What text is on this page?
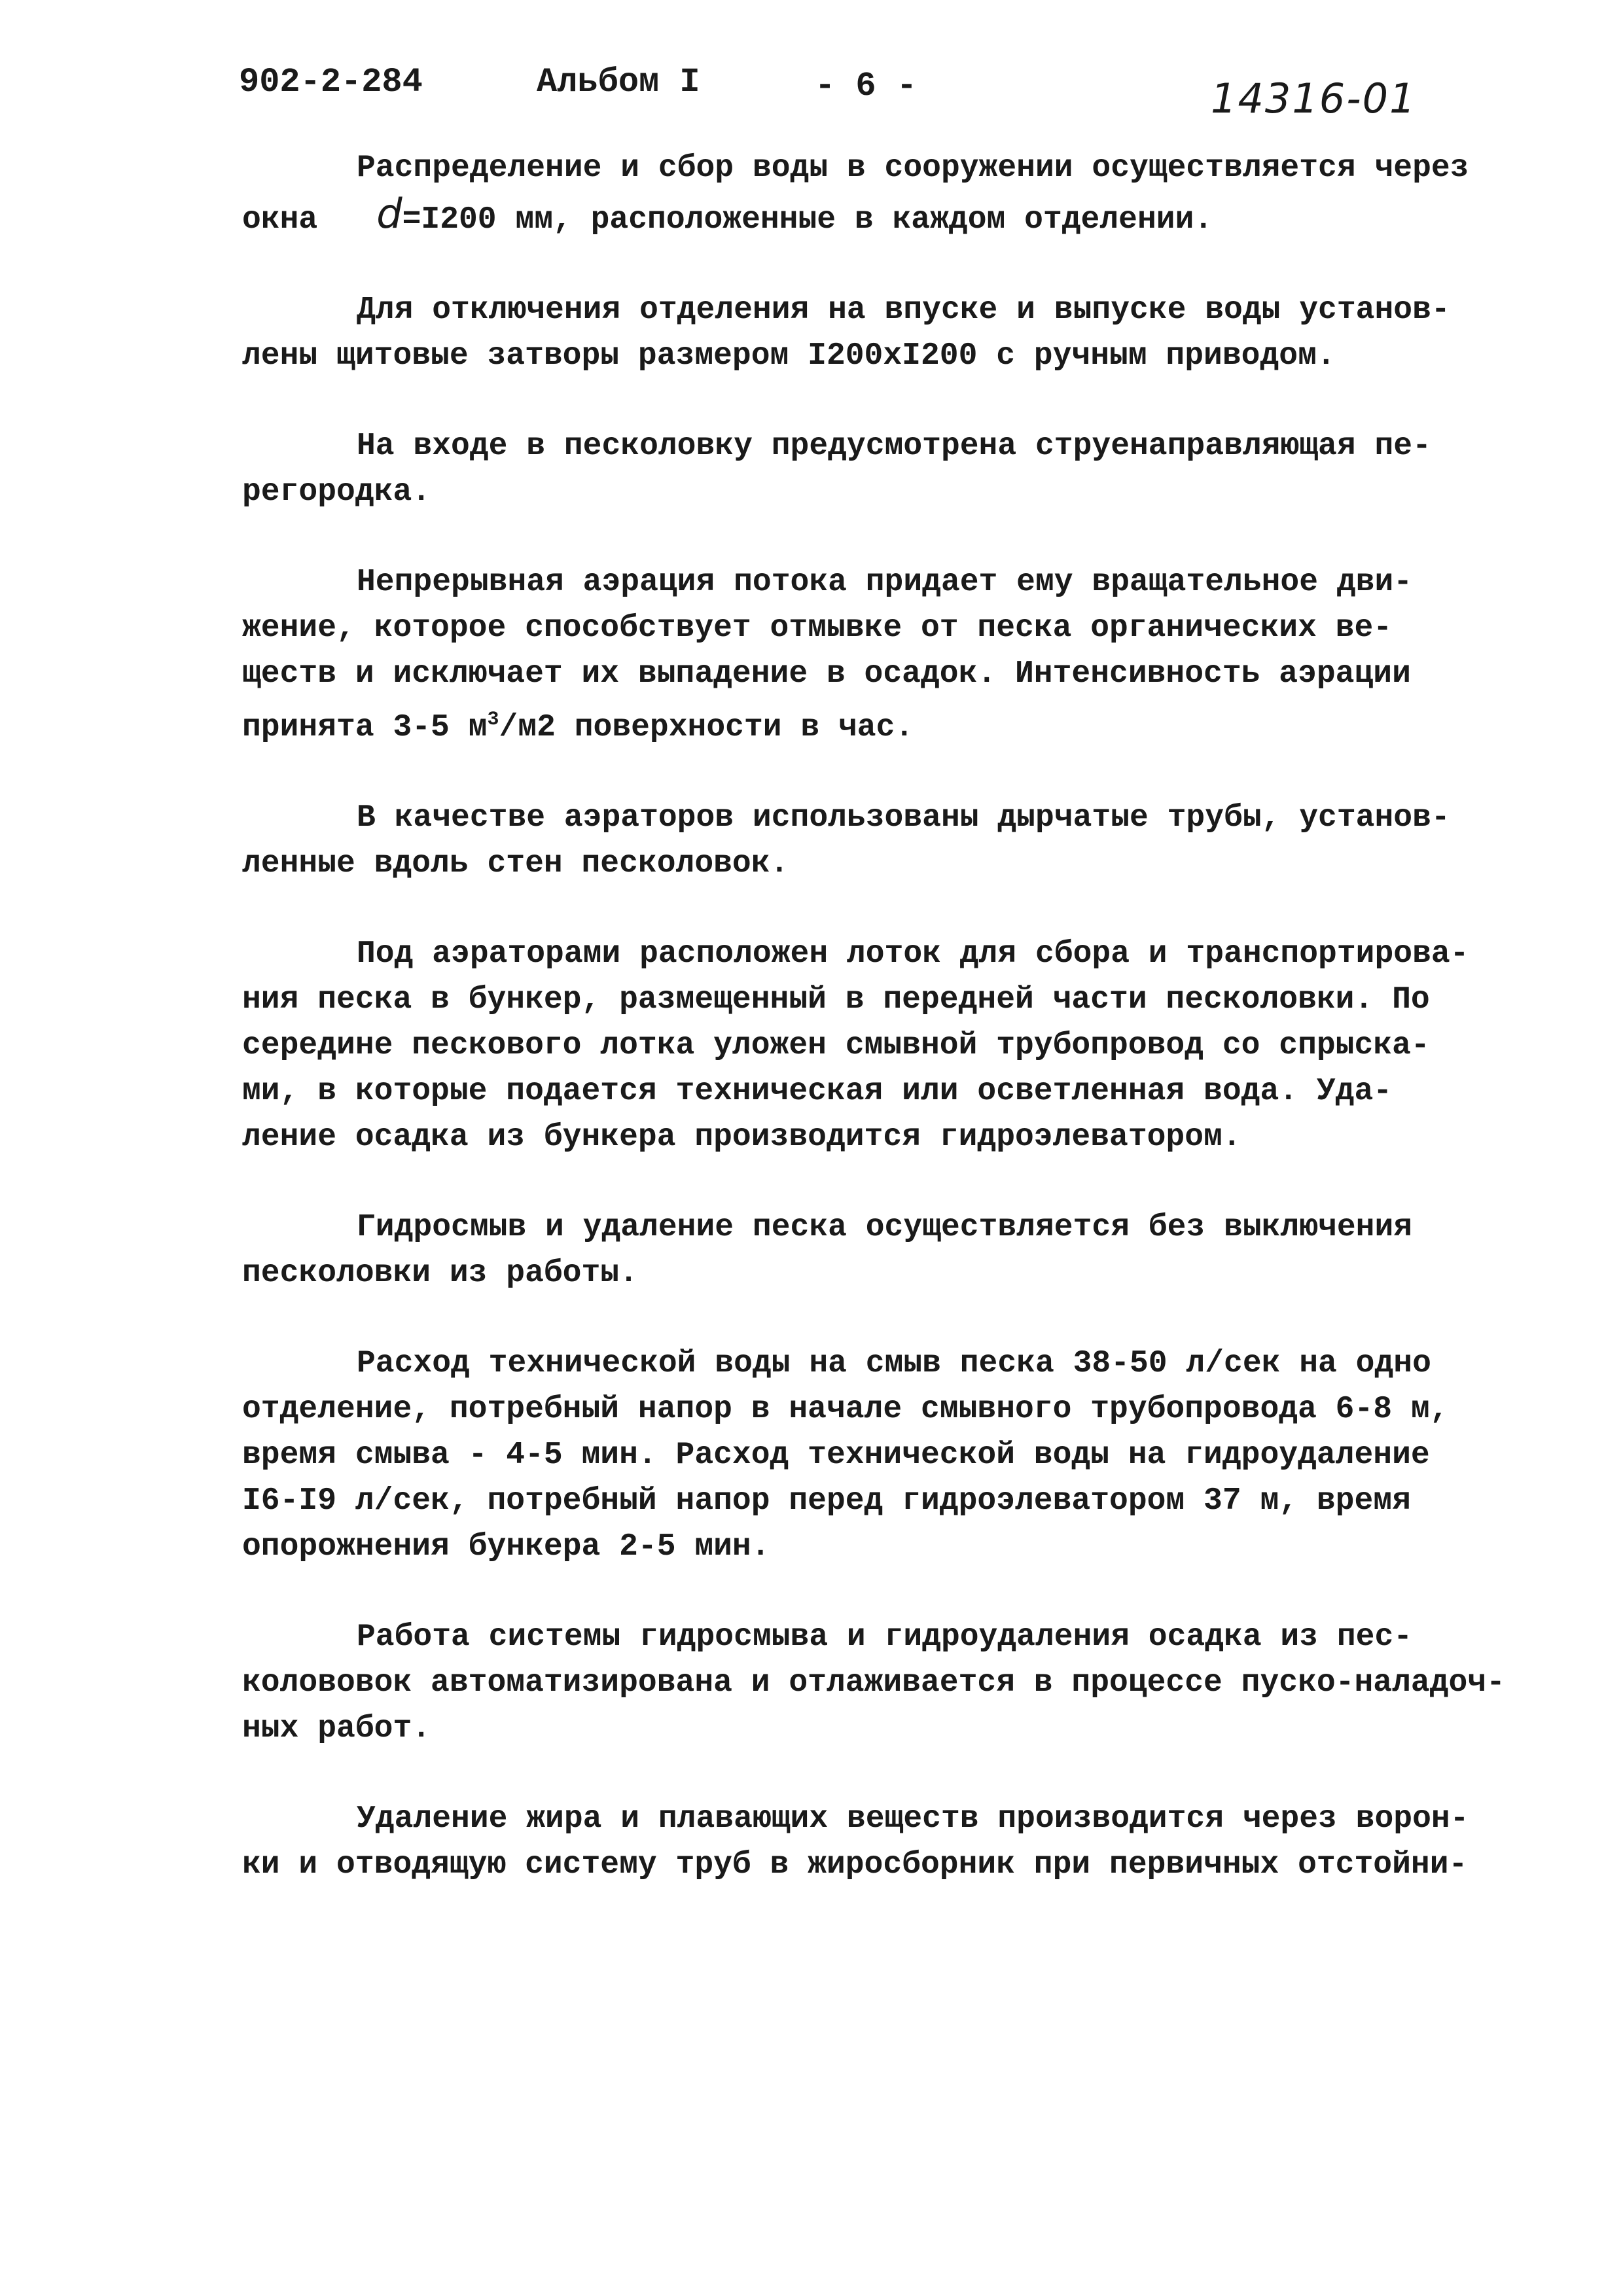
902-2-284	Альбом I	- 6 -	14316-01

Распределение и сбор воды в сооружении осуществляется через
окна d=I200 мм, расположенные в каждом отделении.

Для отключения отделения на впуске и выпуске воды установ-
лены щитовые затворы размером I200хI200 с ручным приводом.

На входе в песколовку предусмотрена струенаправляющая пе-
регородка.

Непрерывная аэрация потока придает ему вращательное дви-
жение, которое способствует отмывке от песка органических ве-
ществ и исключает их выпадение в осадок. Интенсивность аэрации
принята 3-5 $м^3/м2$ поверхности в час.

В качестве аэраторов использованы дырчатые трубы, установ-
ленные вдоль стен песколовок.

Под аэраторами расположен лоток для сбора и транспортирова-
ния песка в бункер, размещенный в передней части песколовки. По
середине пескового лотка уложен смывной трубопровод со спрыска-
ми, в которые подается техническая или осветленная вода. Уда-
ление осадка из бункера производится гидроэлеватором.

Гидросмыв и удаление песка осуществляется без выключения
песколовки из работы.

Расход технической воды на смыв песка 38-50 л/сек на одно
отделение, потребный напор в начале смывного трубопровода 6-8 м,
время смыва - 4-5 мин. Расход технической воды на гидроудаление
I6-I9 л/сек, потребный напор перед гидроэлеватором 37 м, время
опорожнения бункера 2-5 мин.

Работа системы гидросмыва и гидроудаления осадка из пес-
колововок автоматизирована и отлаживается в процессе пуско-наладоч-
ных работ.

Удаление жира и плавающих веществ производится через ворон-
ки и отводящую систему труб в жиросборник при первичных отстойни-
